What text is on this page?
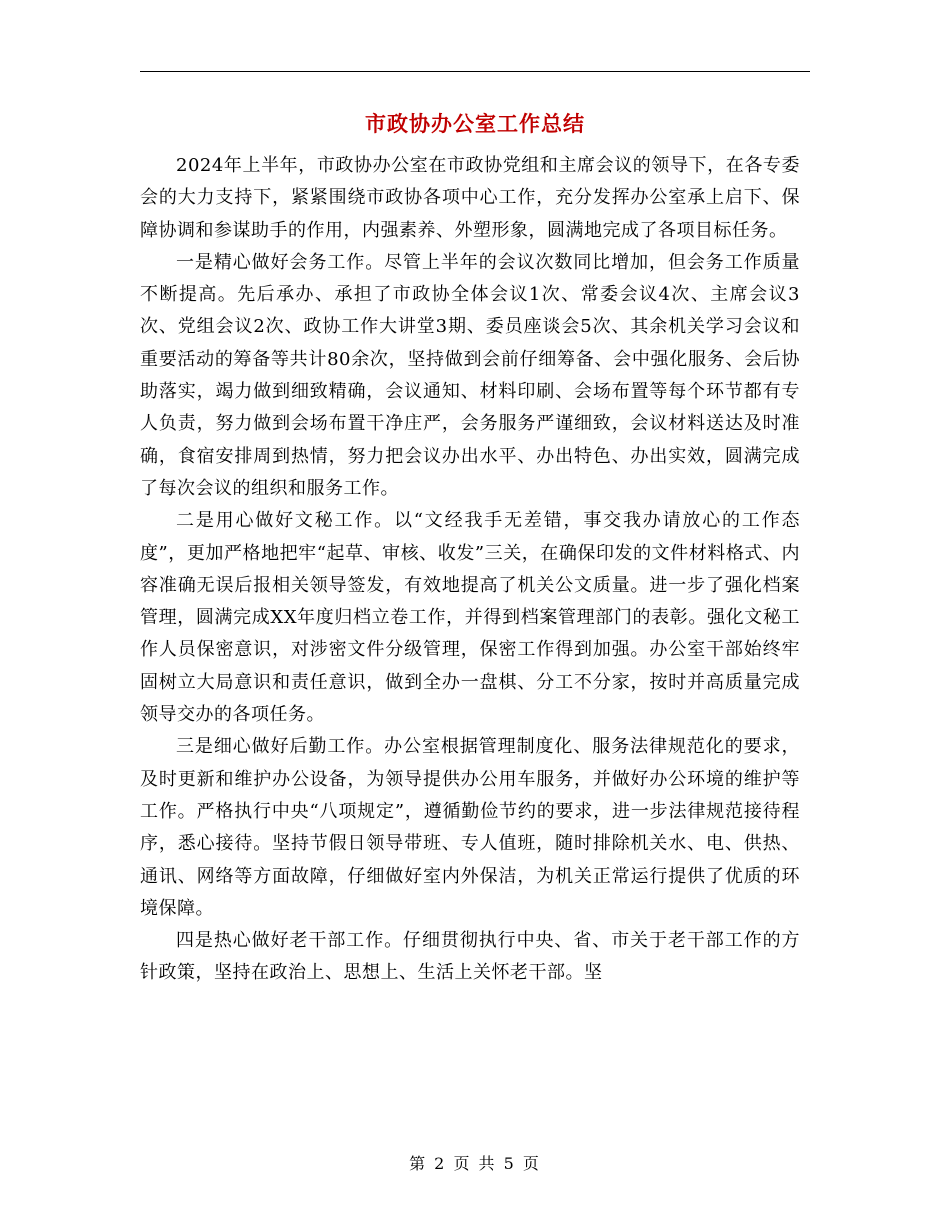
市政协办公室工作总结

2024年上半年，市政协办公室在市政协党组和主席会议的领导下，在各专委会的大力支持下，紧紧围绕市政协各项中心工作，充分发挥办公室承上启下、保障协调和参谋助手的作用，内强素养、外塑形象，圆满地完成了各项目标任务。

一是精心做好会务工作。尽管上半年的会议次数同比增加，但会务工作质量不断提高。先后承办、承担了市政协全体会议1次、常委会议4次、主席会议3次、党组会议2次、政协工作大讲堂3期、委员座谈会5次、其余机关学习会议和重要活动的筹备等共计80余次，坚持做到会前仔细筹备、会中强化服务、会后协助落实，竭力做到细致精确，会议通知、材料印刷、会场布置等每个环节都有专人负责，努力做到会场布置干净庄严，会务服务严谨细致，会议材料送达及时准确，食宿安排周到热情，努力把会议办出水平、办出特色、办出实效，圆满完成了每次会议的组织和服务工作。

二是用心做好文秘工作。以“文经我手无差错，事交我办请放心的工作态度”，更加严格地把牢“起草、审核、收发”三关，在确保印发的文件材料格式、内容准确无误后报相关领导签发，有效地提高了机关公文质量。进一步了强化档案管理，圆满完成XX年度归档立卷工作，并得到档案管理部门的表彰。强化文秘工作人员保密意识，对涉密文件分级管理，保密工作得到加强。办公室干部始终牢固树立大局意识和责任意识，做到全办一盘棋、分工不分家，按时并高质量完成领导交办的各项任务。

三是细心做好后勤工作。办公室根据管理制度化、服务法律规范化的要求，及时更新和维护办公设备，为领导提供办公用车服务，并做好办公环境的维护等工作。严格执行中央“八项规定”，遵循勤俭节约的要求，进一步法律规范接待程序，悉心接待。坚持节假日领导带班、专人值班，随时排除机关水、电、供热、通讯、网络等方面故障，仔细做好室内外保洁，为机关正常运行提供了优质的环境保障。

四是热心做好老干部工作。仔细贯彻执行中央、省、市关于老干部工作的方针政策，坚持在政治上、思想上、生活上关怀老干部。坚

第 2 页 共 5 页
